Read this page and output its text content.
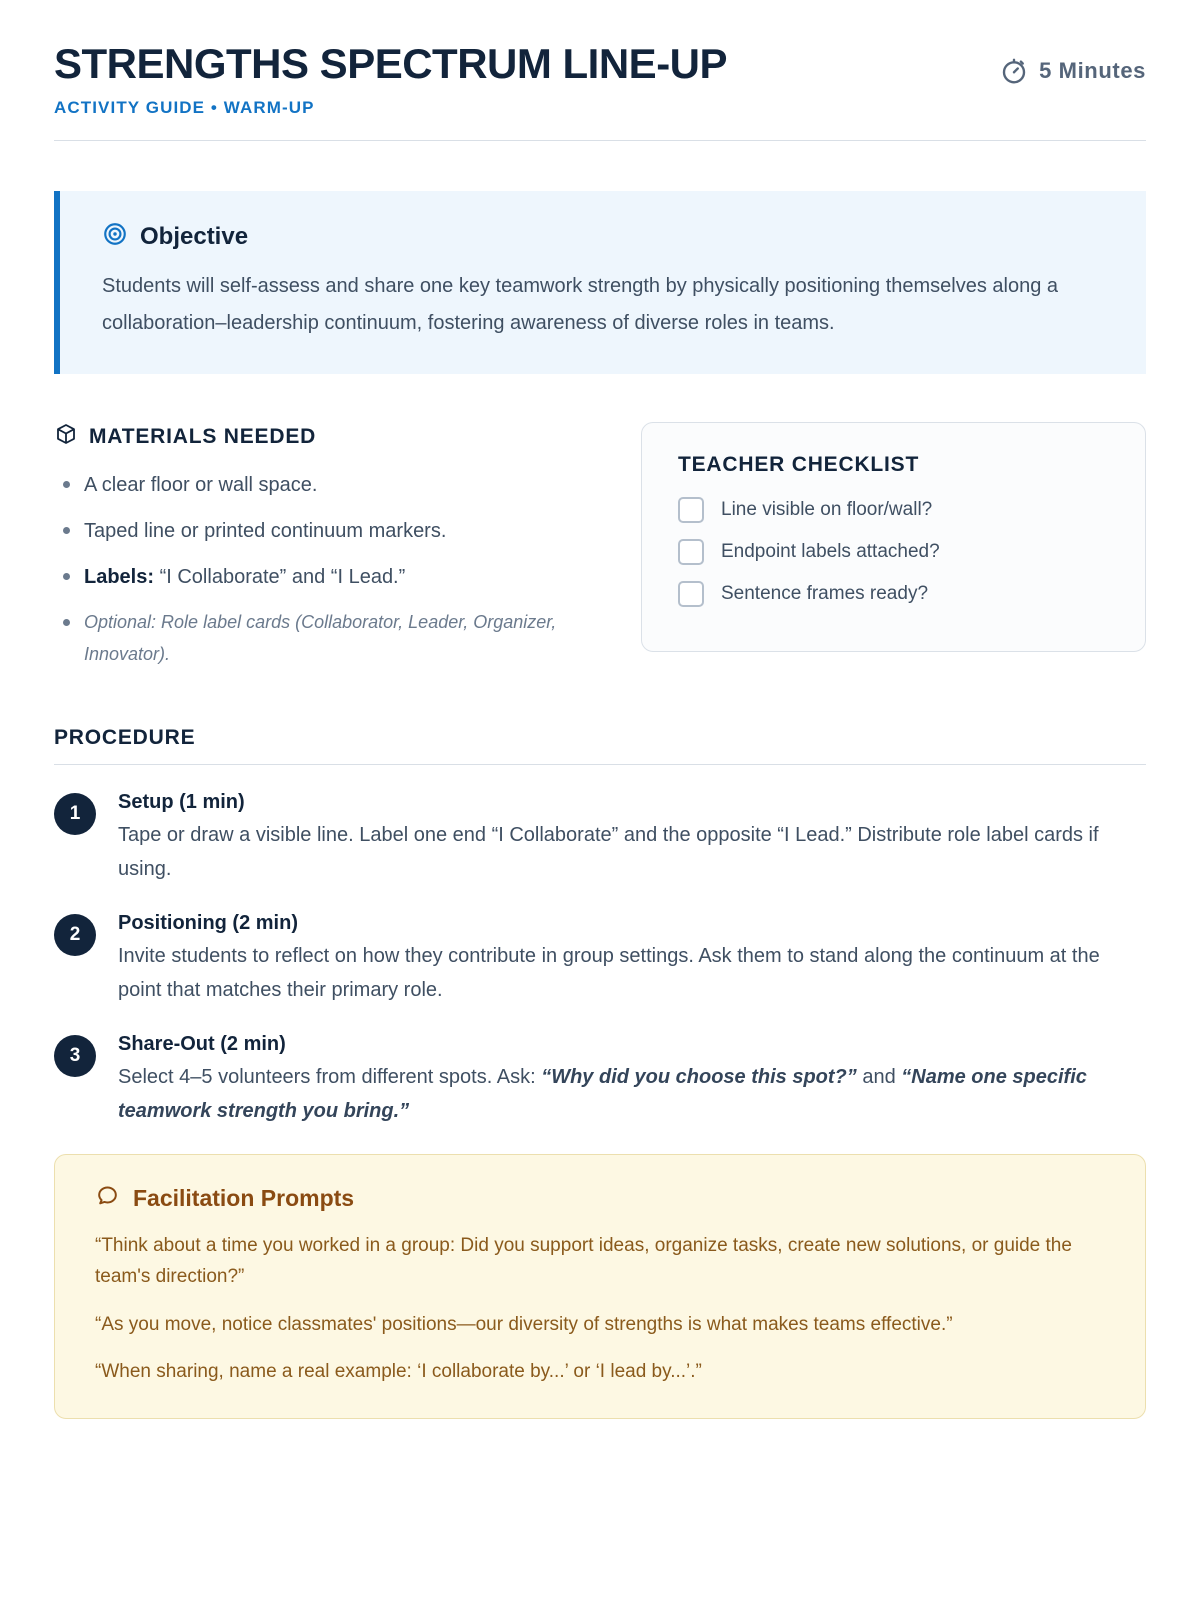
STRENGTHS SPECTRUM LINE-UP	5 Minutes
ACTIVITY GUIDE • WARM-UP
Objective
Students will self-assess and share one key teamwork strength by physically positioning themselves along a collaboration–leadership continuum, fostering awareness of diverse roles in teams.
MATERIALS NEEDED
A clear floor or wall space.
Taped line or printed continuum markers.
Labels: “I Collaborate” and “I Lead.”
Optional: Role label cards (Collaborator, Leader, Organizer, Innovator).
TEACHER CHECKLIST
Line visible on floor/wall?
Endpoint labels attached?
Sentence frames ready?
PROCEDURE
1
Setup (1 min)
Tape or draw a visible line. Label one end “I Collaborate” and the opposite “I Lead.” Distribute role label cards if using.
2
Positioning (2 min)
Invite students to reflect on how they contribute in group settings. Ask them to stand along the continuum at the point that matches their primary role.
3
Share-Out (2 min)
Select 4–5 volunteers from different spots. Ask: “Why did you choose this spot?” and “Name one specific teamwork strength you bring.”
Facilitation Prompts
“Think about a time you worked in a group: Did you support ideas, organize tasks, create new solutions, or guide the team's direction?”
“As you move, notice classmates' positions—our diversity of strengths is what makes teams effective.”
“When sharing, name a real example: ‘I collaborate by...’ or ‘I lead by...’.”
